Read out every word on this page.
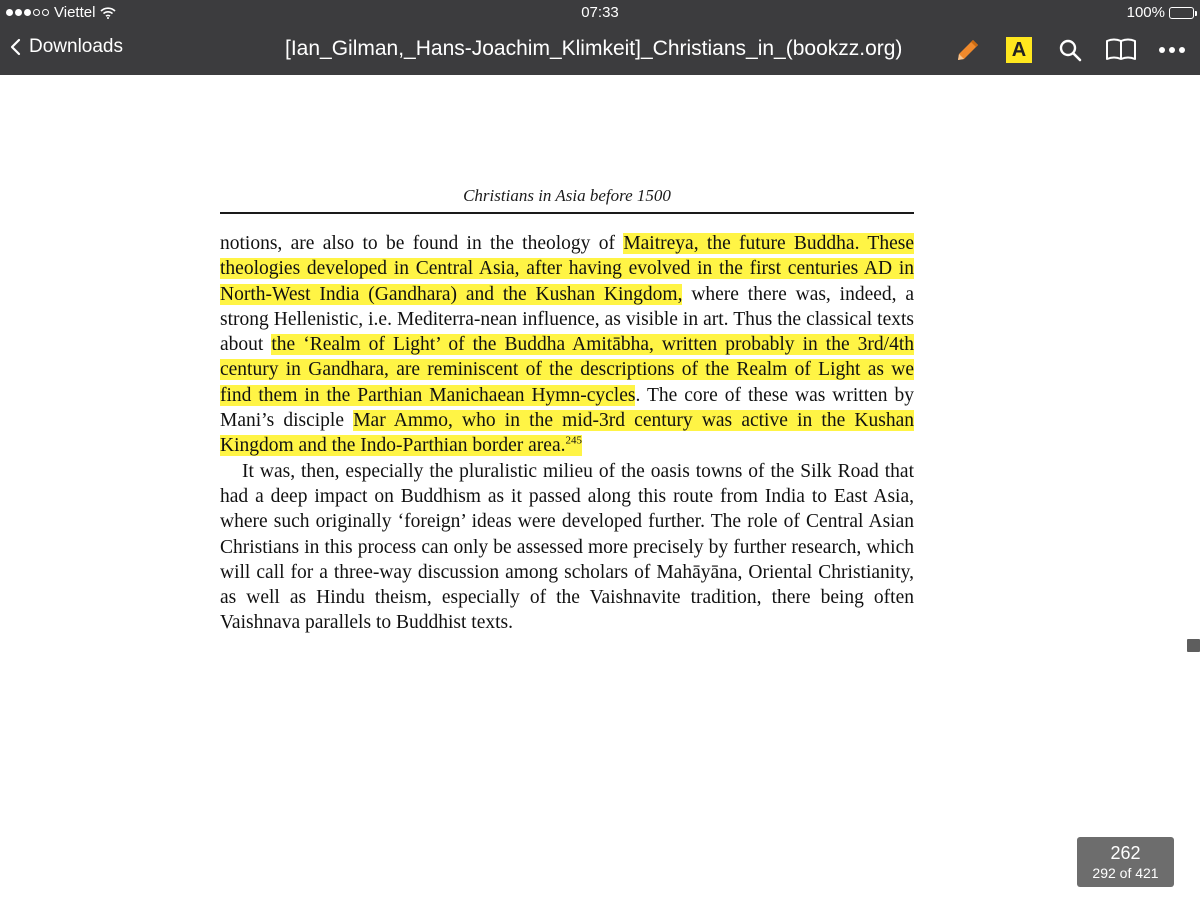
Viettel	07:33	100%
Downloads	[Ian_Gilman,_Hans-Joachim_Klimkeit]_Christians_in_(bookzz.org)	A
Christians in Asia before 1500

notions, are also to be found in the theology of Maitreya, the future Buddha. These theologies developed in Central Asia, after having evolved in the first centuries AD in North-West India (Gandhara) and the Kushan Kingdom, where there was, indeed, a strong Hellenistic, i.e. Mediterra-nean influence, as visible in art. Thus the classical texts about the ‘Realm of Light’ of the Buddha Amitābha, written probably in the 3rd/4th century in Gandhara, are reminiscent of the descriptions of the Realm of Light as we find them in the Parthian Manichaean Hymn-cycles. The core of these was written by Mani’s disciple Mar Ammo, who in the mid-3rd century was active in the Kushan Kingdom and the Indo-Parthian border area.$^{245}$

It was, then, especially the pluralistic milieu of the oasis towns of the Silk Road that had a deep impact on Buddhism as it passed along this route from India to East Asia, where such originally ‘foreign’ ideas were developed further. The role of Central Asian Christians in this process can only be assessed more precisely by further research, which will call for a three-way discussion among scholars of Mahāyāna, Oriental Christianity, as well as Hindu theism, especially of the Vaishnavite tradition, there being often Vaishnava parallels to Buddhist texts.

262
292 of 421
